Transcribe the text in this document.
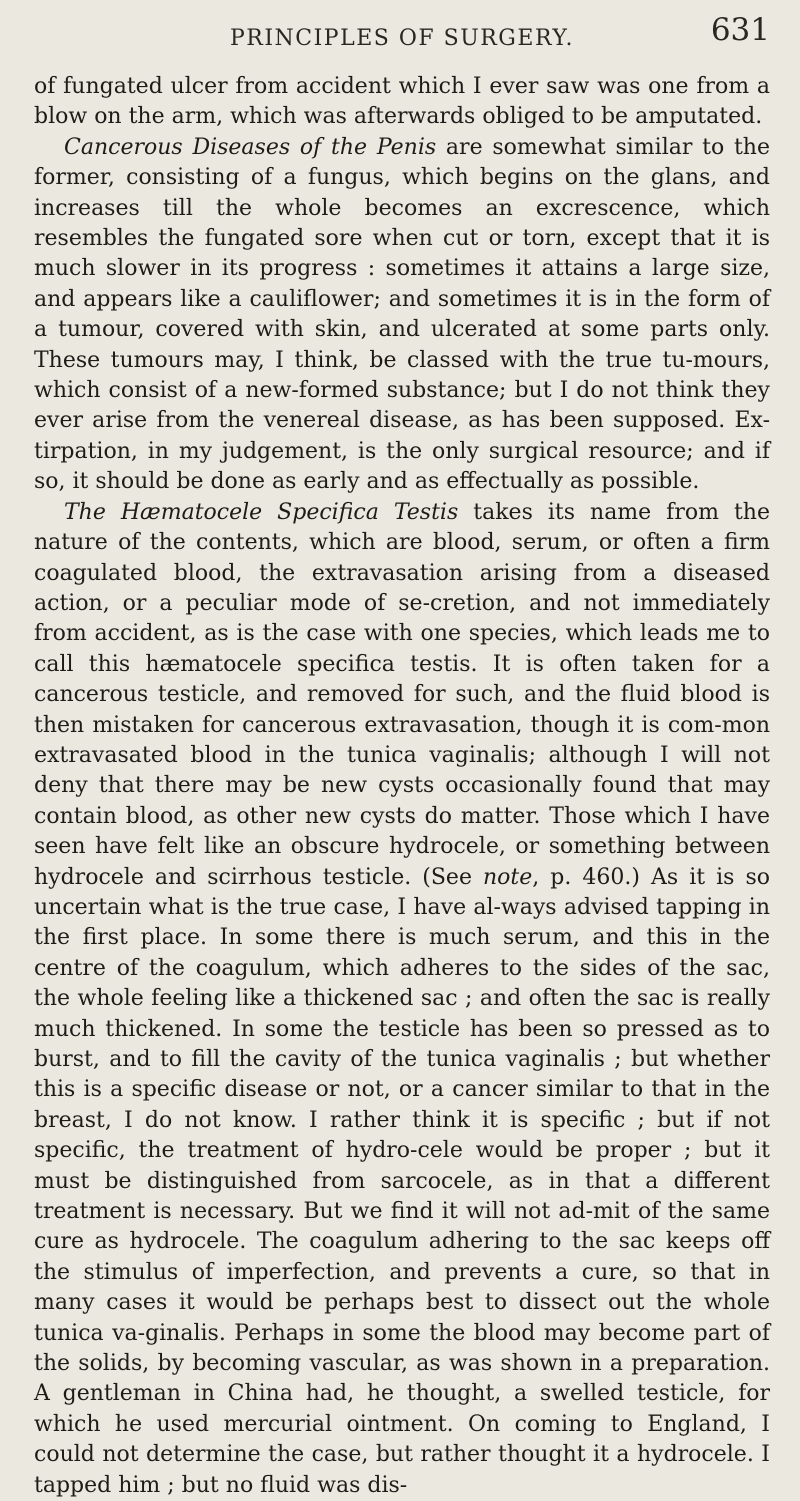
PRINCIPLES OF SURGERY.	631

of fungated ulcer from accident which I ever saw was one from a blow on the arm, which was afterwards obliged to be amputated.

Cancerous Diseases of the Penis are somewhat similar to the former, consisting of a fungus, which begins on the glans, and increases till the whole becomes an excrescence, which resembles the fungated sore when cut or torn, except that it is much slower in its progress : sometimes it attains a large size, and appears like a cauliflower; and sometimes it is in the form of a tumour, covered with skin, and ulcerated at some parts only. These tumours may, I think, be classed with the true tu-mours, which consist of a new-formed substance; but I do not think they ever arise from the venereal disease, as has been supposed. Ex-tirpation, in my judgement, is the only surgical resource; and if so, it should be done as early and as effectually as possible.

The Hæmatocele Specifica Testis takes its name from the nature of the contents, which are blood, serum, or often a firm coagulated blood, the extravasation arising from a diseased action, or a peculiar mode of se-cretion, and not immediately from accident, as is the case with one species, which leads me to call this hæmatocele specifica testis. It is often taken for a cancerous testicle, and removed for such, and the fluid blood is then mistaken for cancerous extravasation, though it is com-mon extravasated blood in the tunica vaginalis; although I will not deny that there may be new cysts occasionally found that may contain blood, as other new cysts do matter. Those which I have seen have felt like an obscure hydrocele, or something between hydrocele and scirrhous testicle. (See note, p. 460.) As it is so uncertain what is the true case, I have al-ways advised tapping in the first place. In some there is much serum, and this in the centre of the coagulum, which adheres to the sides of the sac, the whole feeling like a thickened sac ; and often the sac is really much thickened. In some the testicle has been so pressed as to burst, and to fill the cavity of the tunica vaginalis ; but whether this is a specific disease or not, or a cancer similar to that in the breast, I do not know. I rather think it is specific ; but if not specific, the treatment of hydro-cele would be proper ; but it must be distinguished from sarcocele, as in that a different treatment is necessary. But we find it will not ad-mit of the same cure as hydrocele. The coagulum adhering to the sac keeps off the stimulus of imperfection, and prevents a cure, so that in many cases it would be perhaps best to dissect out the whole tunica va-ginalis. Perhaps in some the blood may become part of the solids, by becoming vascular, as was shown in a preparation. A gentleman in China had, he thought, a swelled testicle, for which he used mercurial ointment. On coming to England, I could not determine the case, but rather thought it a hydrocele. I tapped him ; but no fluid was dis-
